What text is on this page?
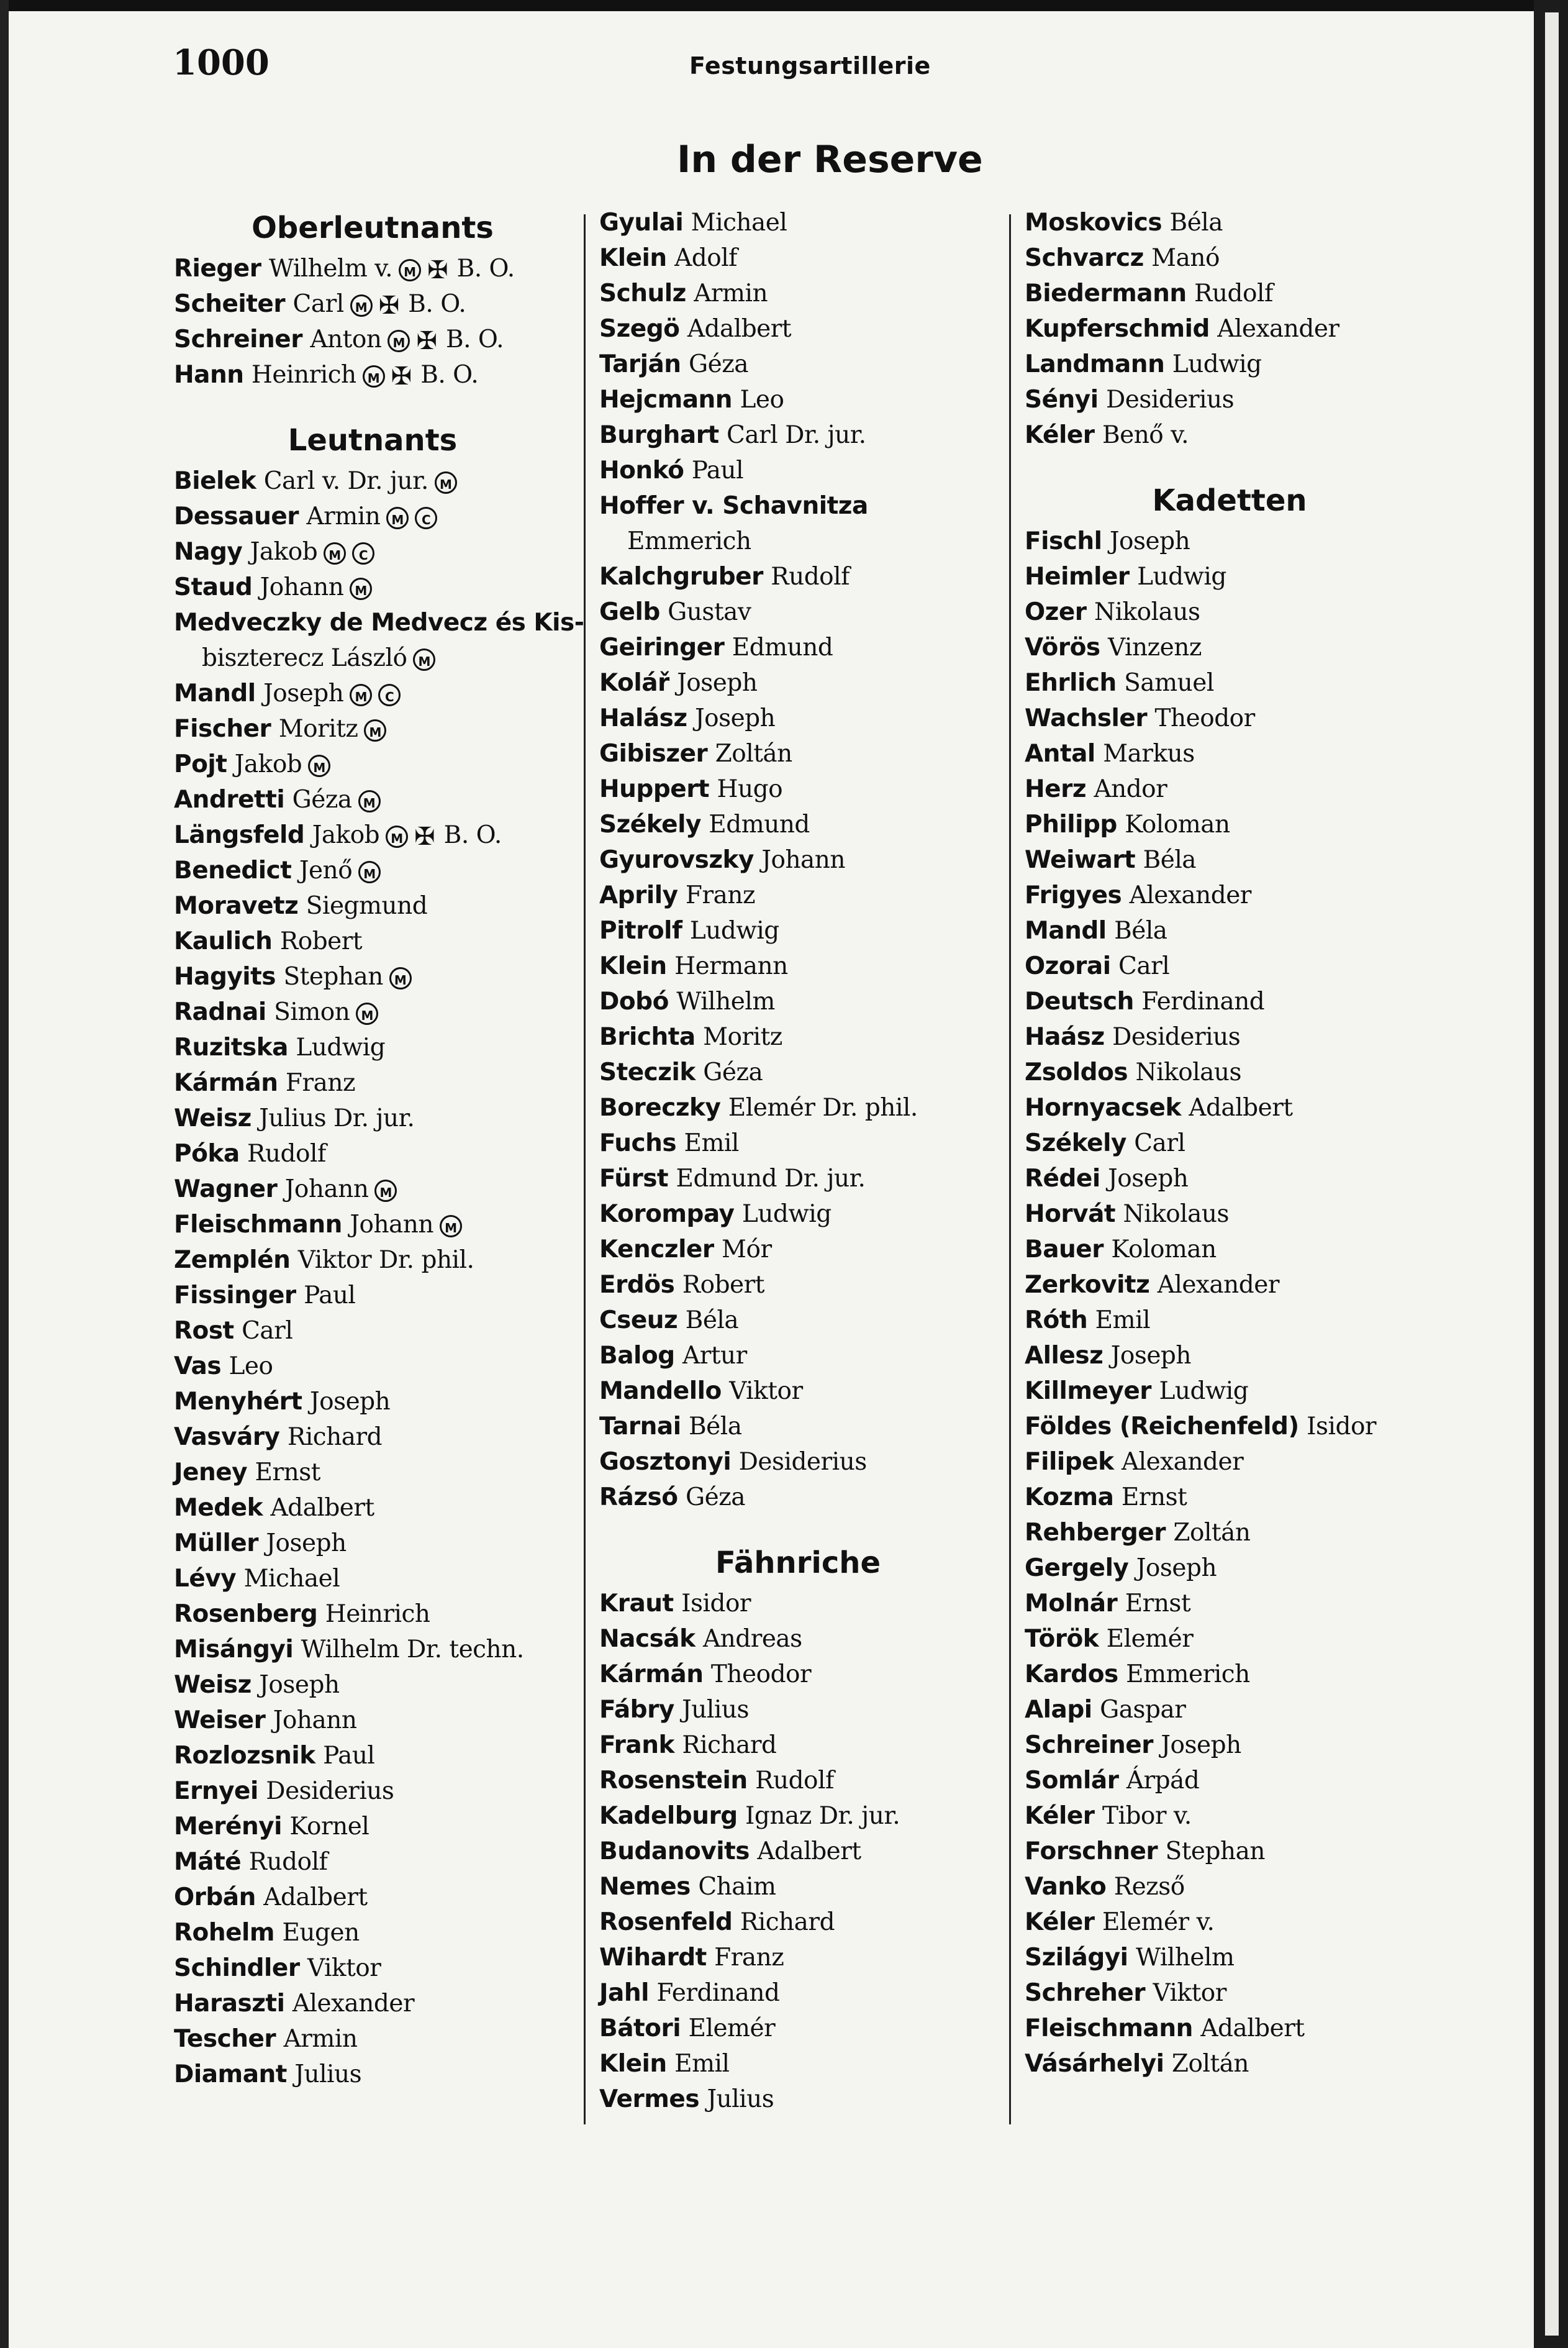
1000	Festungsartillerie
In der Reserve
Oberleutnants
Rieger Wilhelm v. M ✠ B. O.
Scheiter Carl M ✠ B. O.
Schreiner Anton M ✠ B. O.
Hann Heinrich M ✠ B. O.
Leutnants
Bielek Carl v. Dr. jur. M
Dessauer Armin M C
Nagy Jakob M C
Staud Johann M
Medveczky de Medvecz és Kis-
biszterecz László M
Mandl Joseph M C
Fischer Moritz M
Pojt Jakob M
Andretti Géza M
Längsfeld Jakob M ✠ B. O.
Benedict Jenő M
Moravetz Siegmund
Kaulich Robert
Hagyits Stephan M
Radnai Simon M
Ruzitska Ludwig
Kármán Franz
Weisz Julius Dr. jur.
Póka Rudolf
Wagner Johann M
Fleischmann Johann M
Zemplén Viktor Dr. phil.
Fissinger Paul
Rost Carl
Vas Leo
Menyhért Joseph
Vasváry Richard
Jeney Ernst
Medek Adalbert
Müller Joseph
Lévy Michael
Rosenberg Heinrich
Misángyi Wilhelm Dr. techn.
Weisz Joseph
Weiser Johann
Rozlozsnik Paul
Ernyei Desiderius
Merényi Kornel
Máté Rudolf
Orbán Adalbert
Rohelm Eugen
Schindler Viktor
Haraszti Alexander
Tescher Armin
Diamant Julius
Gyulai Michael
Klein Adolf
Schulz Armin
Szegö Adalbert
Tarján Géza
Hejcmann Leo
Burghart Carl Dr. jur.
Honkó Paul
Hoffer v. Schavnitza
Emmerich
Kalchgruber Rudolf
Gelb Gustav
Geiringer Edmund
Kolář Joseph
Halász Joseph
Gibiszer Zoltán
Huppert Hugo
Székely Edmund
Gyurovszky Johann
Aprily Franz
Pitrolf Ludwig
Klein Hermann
Dobó Wilhelm
Brichta Moritz
Steczik Géza
Boreczky Elemér Dr. phil.
Fuchs Emil
Fürst Edmund Dr. jur.
Korompay Ludwig
Kenczler Mór
Erdös Robert
Cseuz Béla
Balog Artur
Mandello Viktor
Tarnai Béla
Gosztonyi Desiderius
Rázsó Géza
Fähnriche
Kraut Isidor
Nacsák Andreas
Kármán Theodor
Fábry Julius
Frank Richard
Rosenstein Rudolf
Kadelburg Ignaz Dr. jur.
Budanovits Adalbert
Nemes Chaim
Rosenfeld Richard
Wihardt Franz
Jahl Ferdinand
Bátori Elemér
Klein Emil
Vermes Julius
Moskovics Béla
Schvarcz Manó
Biedermann Rudolf
Kupferschmid Alexander
Landmann Ludwig
Sényi Desiderius
Kéler Benő v.
Kadetten
Fischl Joseph
Heimler Ludwig
Ozer Nikolaus
Vörös Vinzenz
Ehrlich Samuel
Wachsler Theodor
Antal Markus
Herz Andor
Philipp Koloman
Weiwart Béla
Frigyes Alexander
Mandl Béla
Ozorai Carl
Deutsch Ferdinand
Haász Desiderius
Zsoldos Nikolaus
Hornyacsek Adalbert
Székely Carl
Rédei Joseph
Horvát Nikolaus
Bauer Koloman
Zerkovitz Alexander
Róth Emil
Allesz Joseph
Killmeyer Ludwig
Földes (Reichenfeld) Isidor
Filipek Alexander
Kozma Ernst
Rehberger Zoltán
Gergely Joseph
Molnár Ernst
Török Elemér
Kardos Emmerich
Alapi Gaspar
Schreiner Joseph
Somlár Árpád
Kéler Tibor v.
Forschner Stephan
Vanko Rezső
Kéler Elemér v.
Szilágyi Wilhelm
Schreher Viktor
Fleischmann Adalbert
Vásárhelyi Zoltán
